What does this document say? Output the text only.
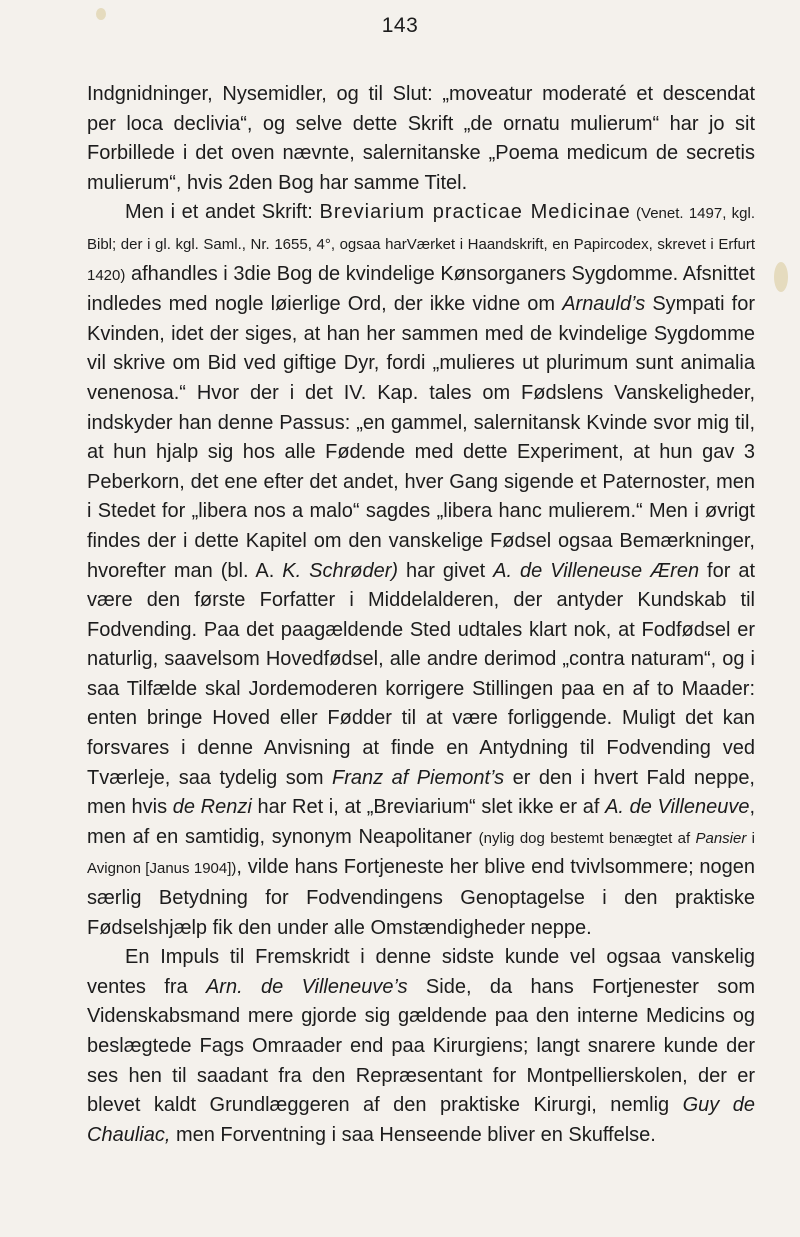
143

Indgnidninger, Nysemidler, og til Slut: „moveatur moderaté et descendat per loca declivia“, og selve dette Skrift „de ornatu mulierum“ har jo sit Forbillede i det oven nævnte, salernitanske „Poema medicum de secretis mulierum“, hvis 2den Bog har samme Titel.

Men i et andet Skrift: Breviarium practicae Medicinae (Venet. 1497, kgl. Bibl; der i gl. kgl. Saml., Nr. 1655, 4°, ogsaa harVærket i Haandskrift, en Papircodex, skrevet i Erfurt 1420) afhandles i 3die Bog de kvindelige Kønsorganers Sygdomme. Afsnittet indledes med nogle løierlige Ord, der ikke vidne om Arnauld’s Sympati for Kvinden, idet der siges, at han her sammen med de kvindelige Sygdomme vil skrive om Bid ved giftige Dyr, fordi „mulieres ut plurimum sunt animalia venenosa.“ Hvor der i det IV. Kap. tales om Fødslens Vanskeligheder, indskyder han denne Passus: „en gammel, salernitansk Kvinde svor mig til, at hun hjalp sig hos alle Fødende med dette Experiment, at hun gav 3 Peberkorn, det ene efter det andet, hver Gang sigende et Paternoster, men i Stedet for „libera nos a malo“ sagdes „libera hanc mulierem.“ Men i øvrigt findes der i dette Kapitel om den vanskelige Fødsel ogsaa Bemærkninger, hvorefter man (bl. A. K. Schrøder) har givet A. de Villeneuse Æren for at være den første Forfatter i Middelalderen, der antyder Kundskab til Fodvending. Paa det paagældende Sted udtales klart nok, at Fodfødsel er naturlig, saavelsom Hovedfødsel, alle andre derimod „contra naturam“, og i saa Tilfælde skal Jordemoderen korrigere Stillingen paa en af to Maader: enten bringe Hoved eller Fødder til at være forliggende. Muligt det kan forsvares i denne Anvisning at finde en Antydning til Fodvending ved Tværleje, saa tydelig som Franz af Piemont’s er den i hvert Fald neppe, men hvis de Renzi har Ret i, at „Breviarium“ slet ikke er af A. de Villeneuve, men af en samtidig, synonym Neapolitaner (nylig dog bestemt benægtet af Pansier i Avignon [Janus 1904]), vilde hans Fortjeneste her blive end tvivlsommere; nogen særlig Betydning for Fodvendingens Genoptagelse i den praktiske Fødselshjælp fik den under alle Omstændigheder neppe.

En Impuls til Fremskridt i denne sidste kunde vel ogsaa vanskelig ventes fra Arn. de Villeneuve’s Side, da hans Fortjenester som Videnskabsmand mere gjorde sig gældende paa den interne Medicins og beslægtede Fags Omraader end paa Kirurgiens; langt snarere kunde der ses hen til saadant fra den Repræsentant for Montpellierskolen, der er blevet kaldt Grundlæggeren af den praktiske Kirurgi, nemlig Guy de Chauliac, men Forventning i saa Henseende bliver en Skuffelse.
